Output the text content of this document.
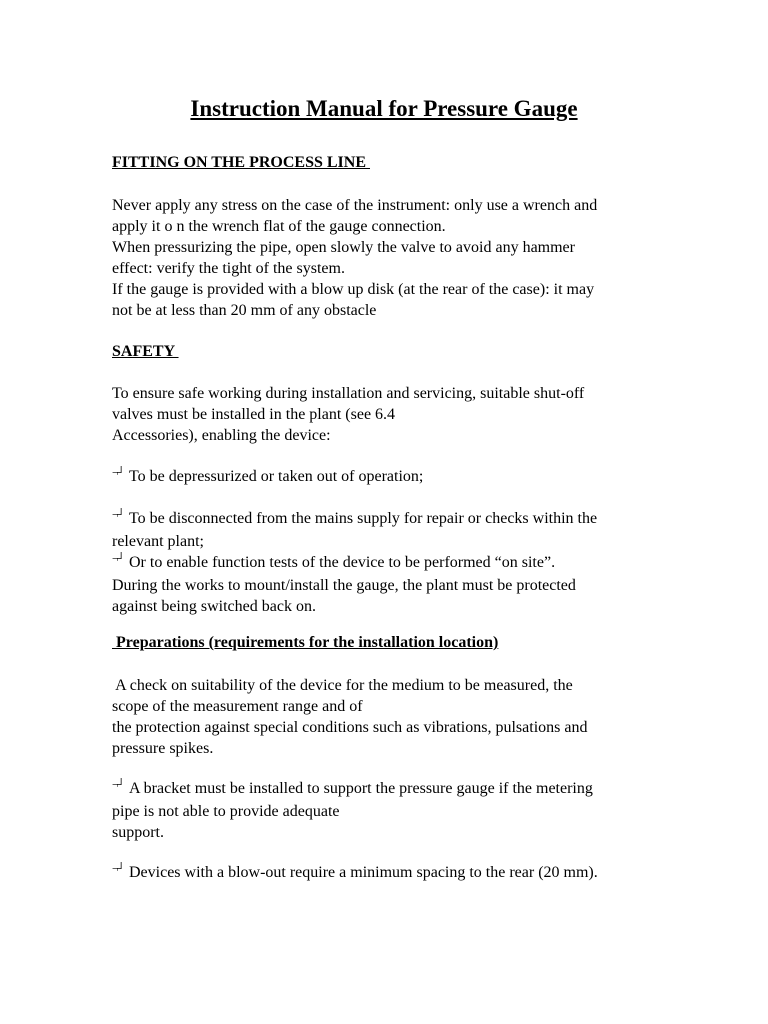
Instruction Manual for Pressure Gauge

FITTING ON THE PROCESS LINE

Never apply any stress on the case of the instrument: only use a wrench and
apply it o n the wrench flat of the gauge connection.
When pressurizing the pipe, open slowly the valve to avoid any hammer
effect: verify the tight of the system.
If the gauge is provided with a blow up disk (at the rear of the case): it may
not be at less than 20 mm of any obstacle

SAFETY

To ensure safe working during installation and servicing, suitable shut-off
valves must be installed in the plant (see 6.4
Accessories), enabling the device:

¬┘ To be depressurized or taken out of operation;

¬┘ To be disconnected from the mains supply for repair or checks within the
relevant plant;
¬┘ Or to enable function tests of the device to be performed “on site”.
During the works to mount/install the gauge, the plant must be protected
against being switched back on.

Preparations (requirements for the installation location)

A check on suitability of the device for the medium to be measured, the
scope of the measurement range and of
the protection against special conditions such as vibrations, pulsations and
pressure spikes.

¬┘ A bracket must be installed to support the pressure gauge if the metering
pipe is not able to provide adequate
support.

¬┘ Devices with a blow-out require a minimum spacing to the rear (20 mm).
